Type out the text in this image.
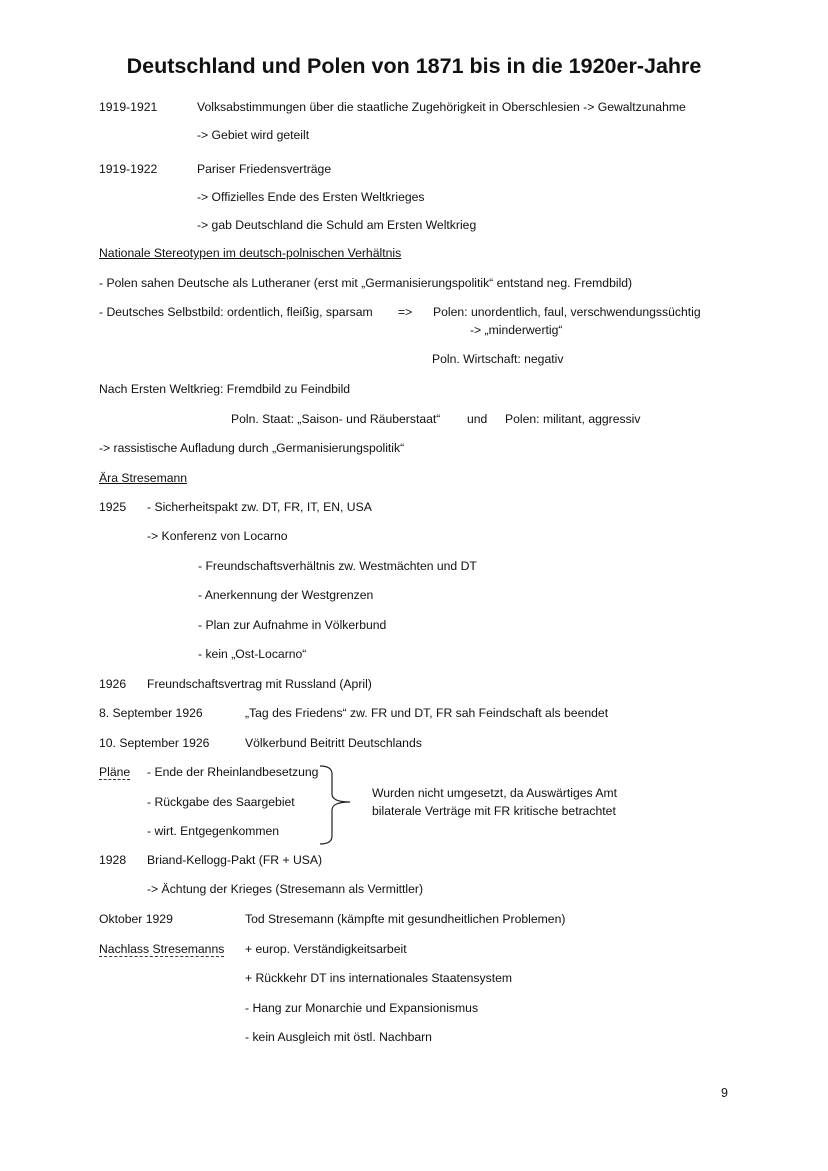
Deutschland und Polen von 1871 bis in die 1920er-Jahre
1919-1921	Volksabstimmungen über die staatliche Zugehörigkeit in Oberschlesien -> Gewaltzunahme
-> Gebiet wird geteilt
1919-1922	Pariser Friedensverträge
-> Offizielles Ende des Ersten Weltkrieges
-> gab Deutschland die Schuld am Ersten Weltkrieg
Nationale Stereotypen im deutsch-polnischen Verhältnis
- Polen sahen Deutsche als Lutheraner (erst mit „Germanisierungspolitik“ entstand neg. Fremdbild)
- Deutsches Selbstbild: ordentlich, fleißig, sparsam => Polen: unordentlich, faul, verschwendungssüchtig
-> „minderwertig“
Poln. Wirtschaft: negativ
Nach Ersten Weltkrieg: Fremdbild zu Feindbild
Poln. Staat: „Saison- und Räuberstaat“ und Polen: militant, aggressiv
-> rassistische Aufladung durch „Germanisierungspolitik“
Ära Stresemann
1925 - Sicherheitspakt zw. DT, FR, IT, EN, USA
-> Konferenz von Locarno
- Freundschaftsverhältnis zw. Westmächten und DT
- Anerkennung der Westgrenzen
- Plan zur Aufnahme in Völkerbund
- kein „Ost-Locarno“
1926 Freundschaftsvertrag mit Russland (April)
8. September 1926	„Tag des Friedens“ zw. FR und DT, FR sah Feindschaft als beendet
10. September 1926	Völkerbund Beitritt Deutschlands
Pläne - Ende der Rheinlandbesetzung
- Rückgabe des Saargebiet
- wirt. Entgegenkommen
Wurden nicht umgesetzt, da Auswärtiges Amt
bilaterale Verträge mit FR kritische betrachtet
1928 Briand-Kellogg-Pakt (FR + USA)
-> Ächtung der Krieges (Stresemann als Vermittler)
Oktober 1929	Tod Stresemann (kämpfte mit gesundheitlichen Problemen)
Nachlass Stresemanns + europ. Verständigkeitsarbeit
+ Rückkehr DT ins internationales Staatensystem
- Hang zur Monarchie und Expansionismus
- kein Ausgleich mit östl. Nachbarn
9
